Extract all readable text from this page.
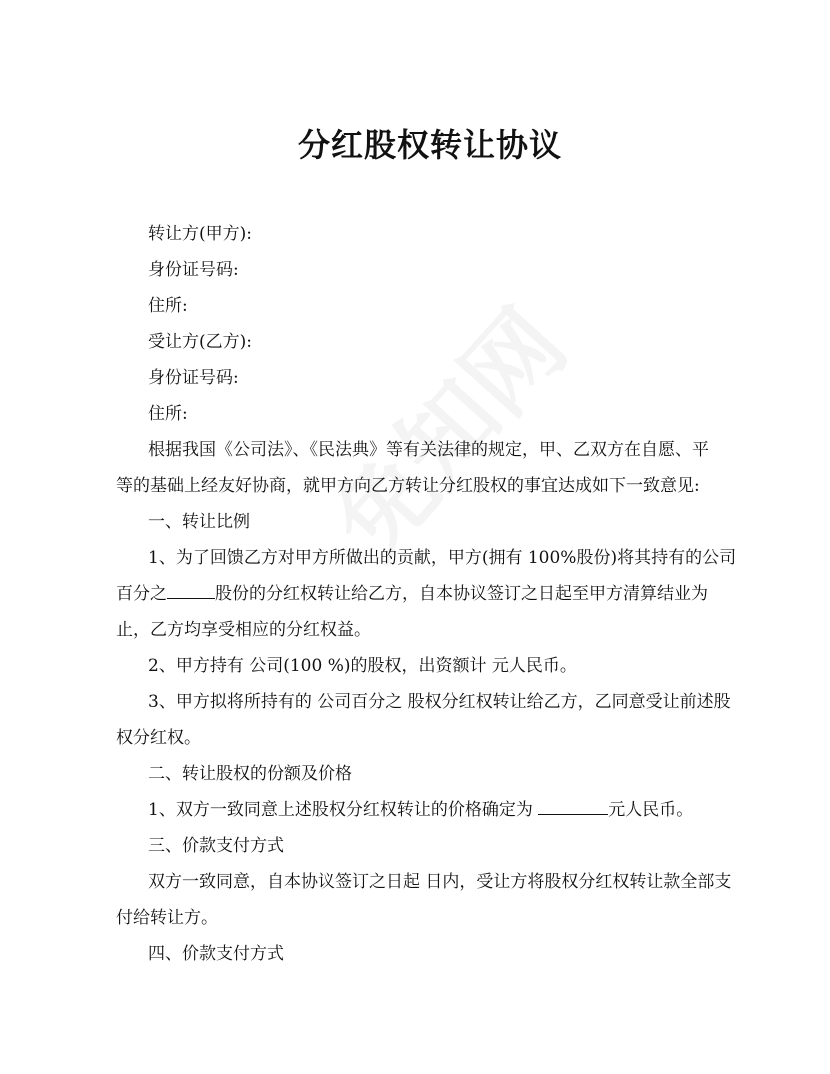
分红股权转让协议
转让方(甲方):
身份证号码:
住所:
受让方(乙方):
身份证号码:
住所:
根据我国《公司法》、《民法典》等有关法律的规定，甲、乙双方在自愿、平
等的基础上经友好协商，就甲方向乙方转让分红股权的事宜达成如下一致意见:
一、转让比例
1、为了回馈乙方对甲方所做出的贡献，甲方(拥有 100%股份)将其持有的公司
百分之	股份的分红权转让给乙方，自本协议签订之日起至甲方清算结业为
止，乙方均享受相应的分红权益。
2、甲方持有 公司(100 %)的股权，出资额计 元人民币。
3、甲方拟将所持有的 公司百分之 股权分红权转让给乙方，乙同意受让前述股
权分红权。
二、转让股权的份额及价格
1、双方一致同意上述股权分红权转让的价格确定为	元人民币。
三、价款支付方式
双方一致同意，自本协议签订之日起 日内，受让方将股权分红权转让款全部支
付给转让方。
四、价款支付方式
